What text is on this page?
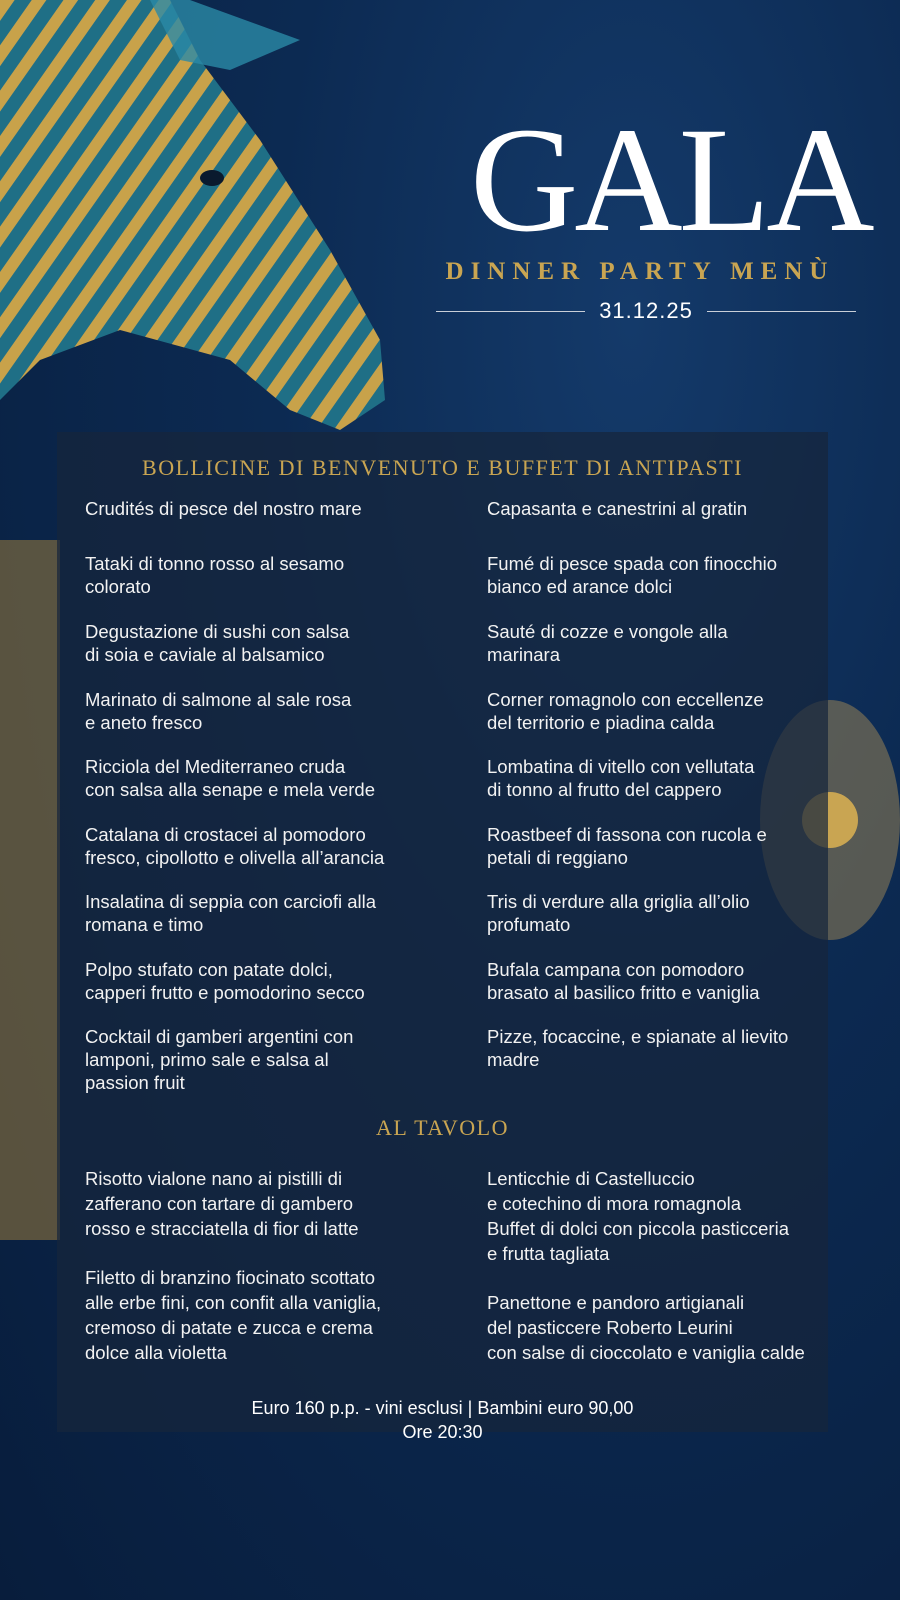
GALA
DINNER PARTY MENÙ
31.12.25
BOLLICINE DI BENVENUTO E BUFFET DI ANTIPASTI
Crudités di pesce del nostro mare
Tataki di tonno rosso al sesamo
colorato
Degustazione di sushi con salsa
di soia e caviale al balsamico
Marinato di salmone al sale rosa
e aneto fresco
Ricciola del Mediterraneo cruda
con salsa alla senape e mela verde
Catalana di crostacei al pomodoro
fresco, cipollotto e olivella all’arancia
Insalatina di seppia con carciofi alla
romana e timo
Polpo stufato con patate dolci,
capperi frutto e pomodorino secco
Cocktail di gamberi argentini con
lamponi, primo sale e salsa al
passion fruit
Capasanta e canestrini al gratin
Fumé di pesce spada con finocchio
bianco ed arance dolci
Sauté di cozze e vongole alla
marinara
Corner romagnolo con eccellenze
del territorio e piadina calda
Lombatina di vitello con vellutata
di tonno al frutto del cappero
Roastbeef di fassona con rucola e
petali di reggiano
Tris di verdure alla griglia all’olio
profumato
Bufala campana con pomodoro
brasato al basilico fritto e vaniglia
Pizze, focaccine, e spianate al lievito
madre
AL TAVOLO
Risotto vialone nano ai pistilli di
zafferano con tartare di gambero
rosso e stracciatella di fior di latte
Filetto di branzino fiocinato scottato
alle erbe fini, con confit alla vaniglia,
cremoso di patate e zucca e crema
dolce alla violetta
Lenticchie di Castelluccio
e cotechino di mora romagnola
Buffet di dolci con piccola pasticceria
e frutta tagliata
Panettone e pandoro artigianali
del pasticcere Roberto Leurini
con salse di cioccolato e vaniglia calde
Euro 160 p.p. - vini esclusi | Bambini euro 90,00
Ore 20:30
